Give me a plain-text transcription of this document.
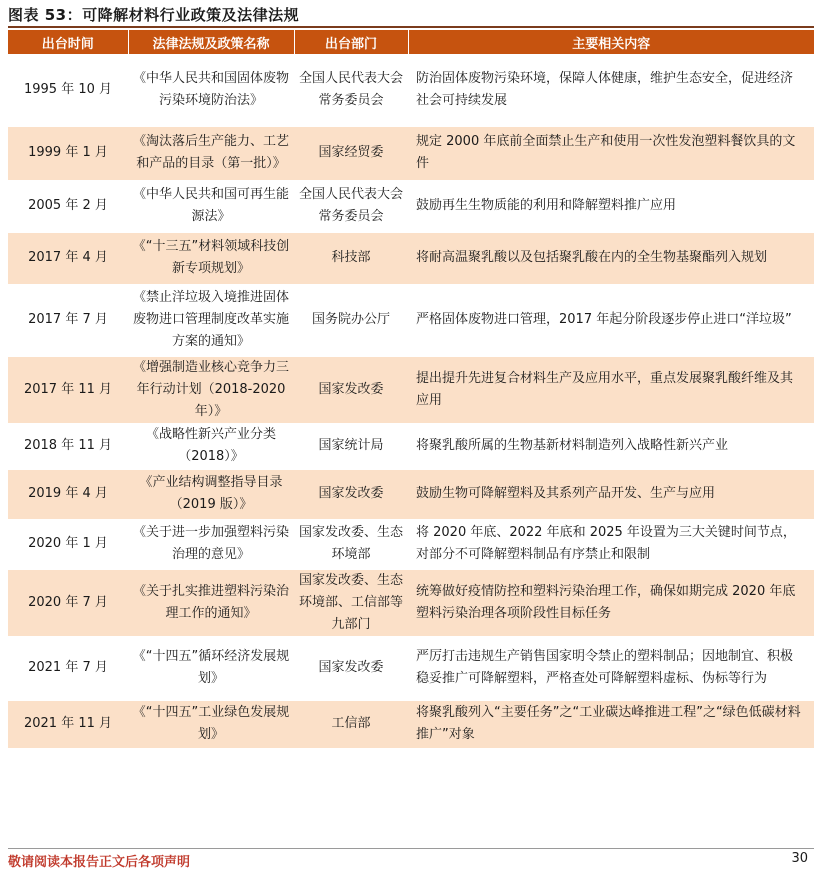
图表 53：可降解材料行业政策及法律法规
出台时间	法律法规及政策名称	出台部门	主要相关内容
1995 年 10 月	《中华人民共和国固体废物污染环境防治法》	全国人民代表大会常务委员会	防治固体废物污染环境，保障人体健康，维护生态安全，促进经济社会可持续发展
1999 年 1 月	《淘汰落后生产能力、工艺和产品的目录（第一批）》	国家经贸委	规定 2000 年底前全面禁止生产和使用一次性发泡塑料餐饮具的文件
2005 年 2 月	《中华人民共和国可再生能源法》	全国人民代表大会常务委员会	鼓励再生生物质能的利用和降解塑料推广应用
2017 年 4 月	《“十三五”材料领域科技创新专项规划》	科技部	将耐高温聚乳酸以及包括聚乳酸在内的全生物基聚酯列入规划
2017 年 7 月	《禁止洋垃圾入境推进固体废物进口管理制度改革实施方案的通知》	国务院办公厅	严格固体废物进口管理，2017 年起分阶段逐步停止进口“洋垃圾”
2017 年 11 月	《增强制造业核心竞争力三年行动计划（2018-2020 年）》	国家发改委	提出提升先进复合材料生产及应用水平，重点发展聚乳酸纤维及其应用
2018 年 11 月	《战略性新兴产业分类（2018）》	国家统计局	将聚乳酸所属的生物基新材料制造列入战略性新兴产业
2019 年 4 月	《产业结构调整指导目录（2019 版）》	国家发改委	鼓励生物可降解塑料及其系列产品开发、生产与应用
2020 年 1 月	《关于进一步加强塑料污染治理的意见》	国家发改委、生态环境部	将 2020 年底、2022 年底和 2025 年设置为三大关键时间节点，对部分不可降解塑料制品有序禁止和限制
2020 年 7 月	《关于扎实推进塑料污染治理工作的通知》	国家发改委、生态环境部、工信部等九部门	统筹做好疫情防控和塑料污染治理工作，确保如期完成 2020 年底塑料污染治理各项阶段性目标任务
2021 年 7 月	《“十四五”循环经济发展规划》	国家发改委	严厉打击违规生产销售国家明令禁止的塑料制品；因地制宜、积极稳妥推广可降解塑料，严格查处可降解塑料虚标、伪标等行为
2021 年 11 月	《“十四五”工业绿色发展规划》	工信部	将聚乳酸列入“主要任务”之“工业碳达峰推进工程”之“绿色低碳材料推广”对象
敬请阅读本报告正文后各项声明	30
